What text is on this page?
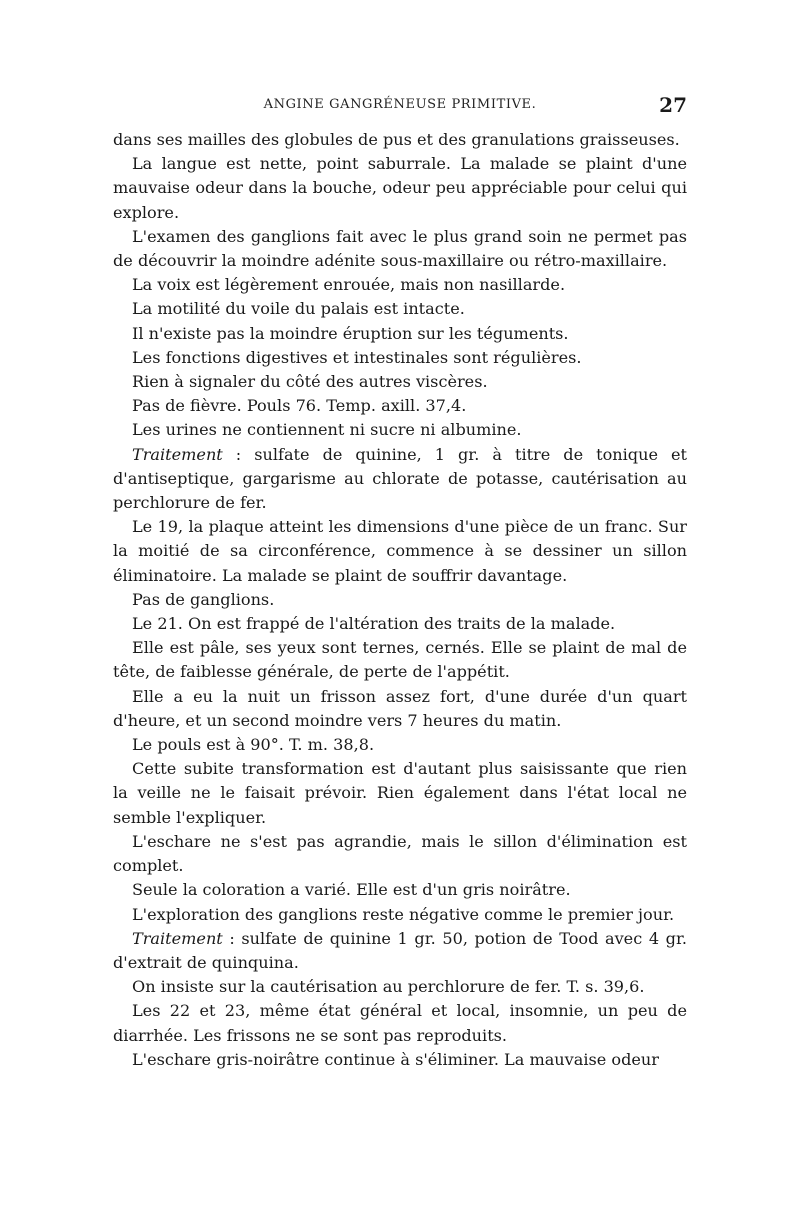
ANGINE GANGRÉNEUSE PRIMITIVE.	27

dans ses mailles des globules de pus et des granulations graisseuses.

La langue est nette, point saburrale. La malade se plaint d'une mauvaise odeur dans la bouche, odeur peu appréciable pour celui qui explore.

L'examen des ganglions fait avec le plus grand soin ne permet pas de découvrir la moindre adénite sous-maxillaire ou rétro-maxillaire.

La voix est légèrement enrouée, mais non nasillarde.

La motilité du voile du palais est intacte.

Il n'existe pas la moindre éruption sur les téguments.

Les fonctions digestives et intestinales sont régulières.

Rien à signaler du côté des autres viscères.

Pas de fièvre. Pouls 76. Temp. axill. 37,4.

Les urines ne contiennent ni sucre ni albumine.

Traitement : sulfate de quinine, 1 gr. à titre de tonique et d'antiseptique, gargarisme au chlorate de potasse, cautérisation au perchlorure de fer.

Le 19, la plaque atteint les dimensions d'une pièce de un franc. Sur la moitié de sa circonférence, commence à se dessiner un sillon éliminatoire. La malade se plaint de souffrir davantage.

Pas de ganglions.

Le 21. On est frappé de l'altération des traits de la malade.

Elle est pâle, ses yeux sont ternes, cernés. Elle se plaint de mal de tête, de faiblesse générale, de perte de l'appétit.

Elle a eu la nuit un frisson assez fort, d'une durée d'un quart d'heure, et un second moindre vers 7 heures du matin.

Le pouls est à 90°. T. m. 38,8.

Cette subite transformation est d'autant plus saisissante que rien la veille ne le faisait prévoir. Rien également dans l'état local ne semble l'expliquer.

L'eschare ne s'est pas agrandie, mais le sillon d'élimination est complet.

Seule la coloration a varié. Elle est d'un gris noirâtre.

L'exploration des ganglions reste négative comme le premier jour.

Traitement : sulfate de quinine 1 gr. 50, potion de Tood avec 4 gr. d'extrait de quinquina.

On insiste sur la cautérisation au perchlorure de fer. T. s. 39,6.

Les 22 et 23, même état général et local, insomnie, un peu de diarrhée. Les frissons ne se sont pas reproduits.

L'eschare gris-noirâtre continue à s'éliminer. La mauvaise odeur
